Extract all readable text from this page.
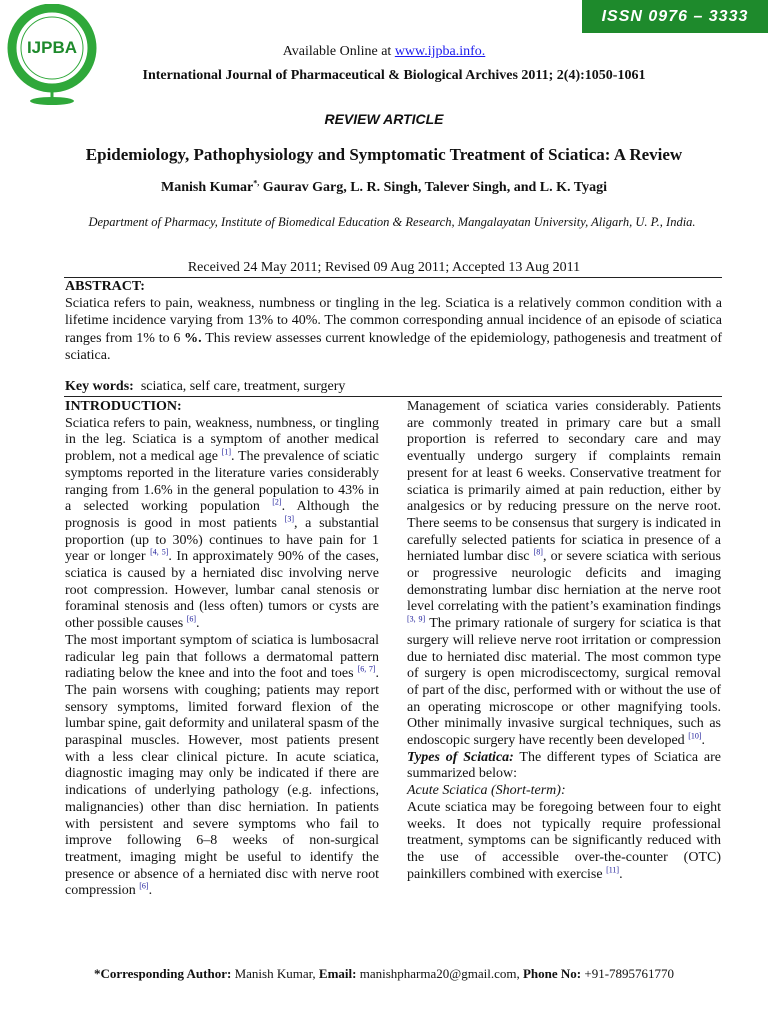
IJPBA
ISSN 0976 – 3333
Available Online at www.ijpba.info.
International Journal of Pharmaceutical & Biological Archives 2011; 2(4):1050-1061
REVIEW ARTICLE
Epidemiology, Pathophysiology and Symptomatic Treatment of Sciatica: A Review
Manish Kumar*, Gaurav Garg, L. R. Singh, Talever Singh, and L. K. Tyagi
Department of Pharmacy, Institute of Biomedical Education & Research, Mangalayatan University, Aligarh, U. P., India.
Received 24 May 2011; Revised 09 Aug 2011; Accepted 13 Aug 2011
ABSTRACT:
Sciatica refers to pain, weakness, numbness or tingling in the leg. Sciatica is a relatively common condition with a lifetime incidence varying from 13% to 40%. The common corresponding annual incidence of an episode of sciatica ranges from 1% to 6 %. This review assesses current knowledge of the epidemiology, pathogenesis and treatment of sciatica.
Key words: sciatica, self care, treatment, surgery
INTRODUCTION:

Sciatica refers to pain, weakness, numbness, or tingling in the leg. Sciatica is a symptom of another medical problem, not a medical age [1]. The prevalence of sciatic symptoms reported in the literature varies considerably ranging from 1.6% in the general population to 43% in a selected working population [2]. Although the prognosis is good in most patients [3], a substantial proportion (up to 30%) continues to have pain for 1 year or longer [4, 5]. In approximately 90% of the cases, sciatica is caused by a herniated disc involving nerve root compression. However, lumbar canal stenosis or foraminal stenosis and (less often) tumors or cysts are other possible causes [6].

The most important symptom of sciatica is lumbosacral radicular leg pain that follows a dermatomal pattern radiating below the knee and into the foot and toes [6, 7]. The pain worsens with coughing; patients may report sensory symptoms, limited forward flexion of the lumbar spine, gait deformity and unilateral spasm of the paraspinal muscles. However, most patients present with a less clear clinical picture. In acute sciatica, diagnostic imaging may only be indicated if there are indications of underlying pathology (e.g. infections, malignancies) other than disc herniation. In patients with persistent and severe symptoms who fail to improve following 6–8 weeks of non-surgical treatment, imaging might be useful to identify the presence or absence of a herniated disc with nerve root compression [6].

Management of sciatica varies considerably. Patients are commonly treated in primary care but a small proportion is referred to secondary care and may eventually undergo surgery if complaints remain present for at least 6 weeks. Conservative treatment for sciatica is primarily aimed at pain reduction, either by analgesics or by reducing pressure on the nerve root. There seems to be consensus that surgery is indicated in carefully selected patients for sciatica in presence of a herniated lumbar disc [8], or severe sciatica with serious or progressive neurologic deficits and imaging demonstrating lumbar disc herniation at the nerve root level correlating with the patient’s examination findings [3, 9] The primary rationale of surgery for sciatica is that surgery will relieve nerve root irritation or compression due to herniated disc material. The most common type of surgery is open microdiscectomy, surgical removal of part of the disc, performed with or without the use of an operating microscope or other magnifying tools. Other minimally invasive surgical techniques, such as endoscopic surgery have recently been developed [10].

Types of Sciatica: The different types of Sciatica are summarized below:

Acute Sciatica (Short-term):

Acute sciatica may be foregoing between four to eight weeks. It does not typically require professional treatment, symptoms can be significantly reduced with the use of accessible over-the-counter (OTC) painkillers combined with exercise [11].

*Corresponding Author: Manish Kumar, Email: manishpharma20@gmail.com, Phone No: +91-7895761770
